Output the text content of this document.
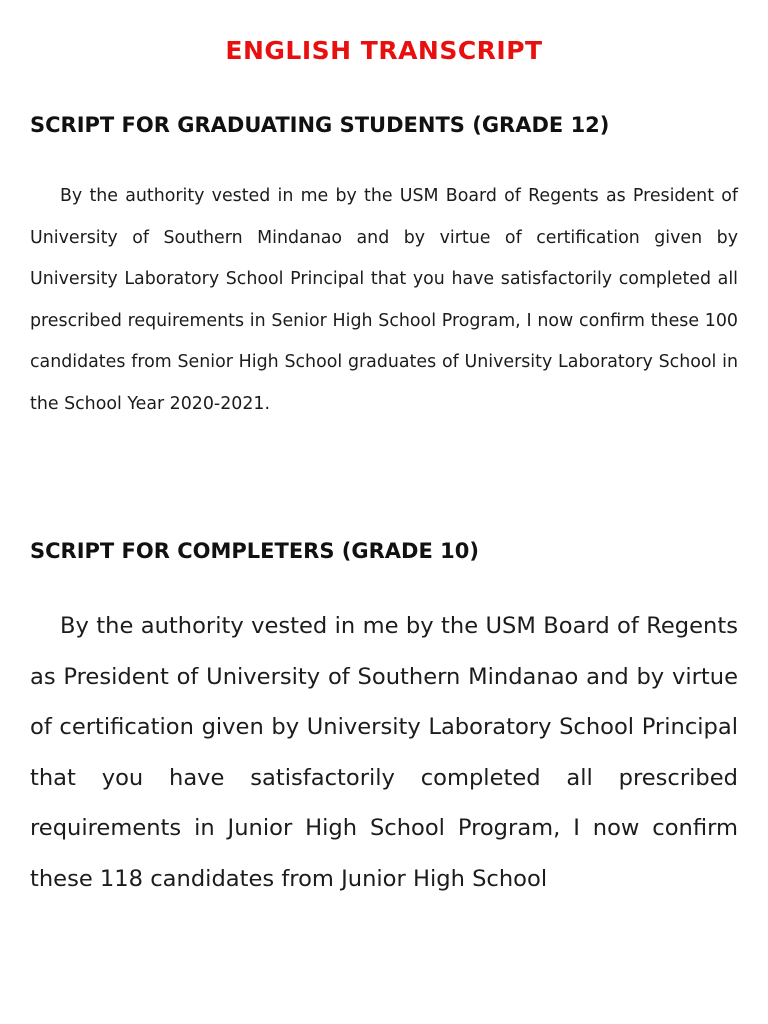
ENGLISH TRANSCRIPT
SCRIPT FOR GRADUATING STUDENTS (GRADE 12)

By the authority vested in me by the USM Board of Regents as President of University of Southern Mindanao and by virtue of certification given by University Laboratory School Principal that you have satisfactorily completed all prescribed requirements in Senior High School Program, I now confirm these 100 candidates from Senior High School graduates of University Laboratory School in the School Year 2020-2021.

SCRIPT FOR COMPLETERS (GRADE 10)

By the authority vested in me by the USM Board of Regents as President of University of Southern Mindanao and by virtue of certification given by University Laboratory School Principal that you have satisfactorily completed all prescribed requirements in Junior High School Program, I now confirm these 118 candidates from Junior High School
